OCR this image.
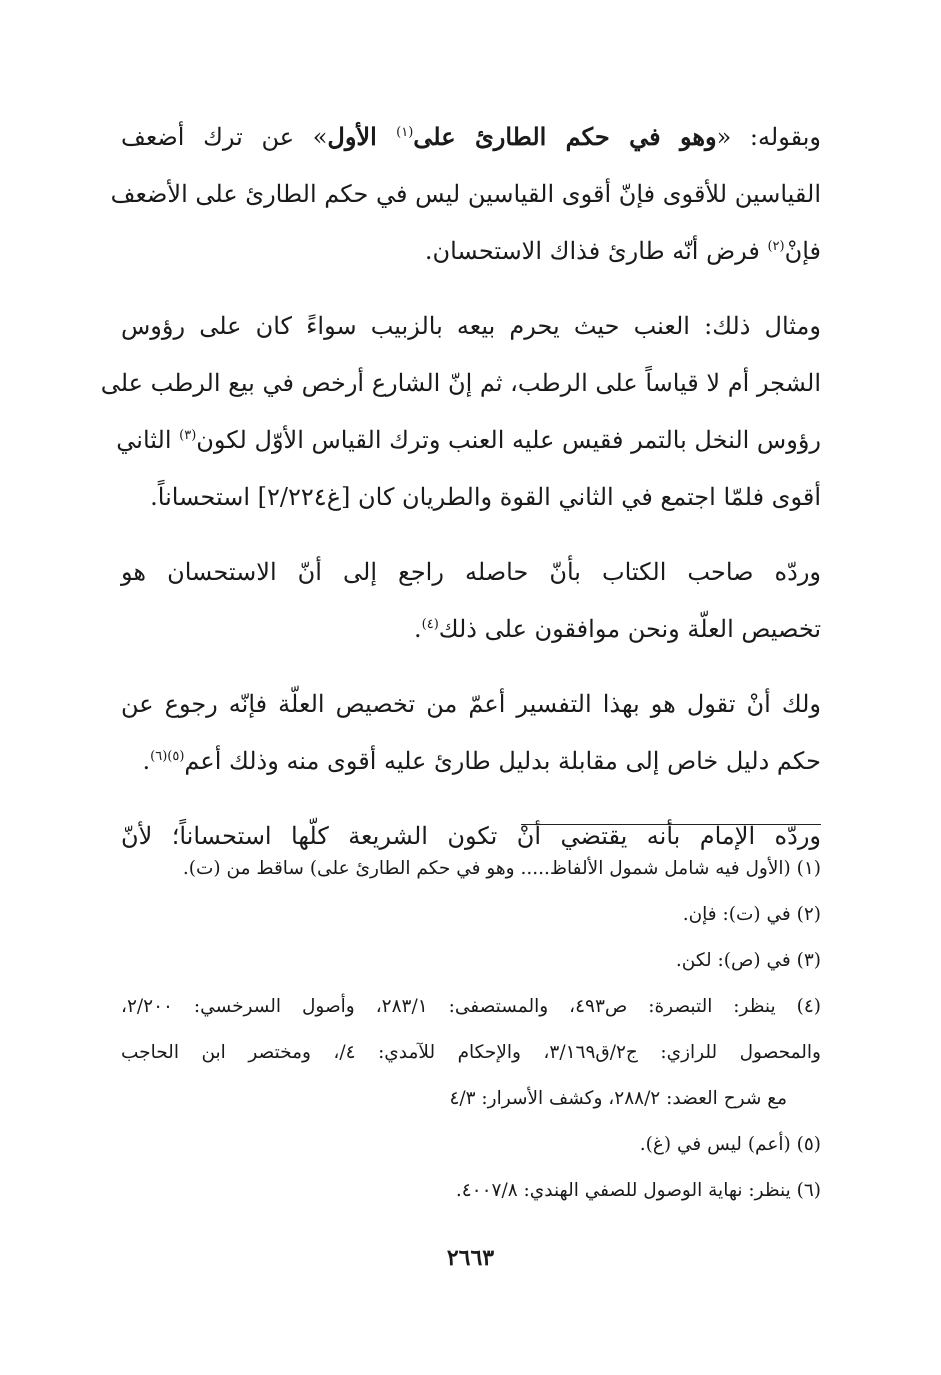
وبقوله: «وهو في حكم الطارئ على$^{(١)}$ الأول» عن ترك أضعف
القياسين للأقوى فإنّ أقوى القياسين ليس في حكم الطارئ على الأضعف
فإنْ$^{(٢)}$ فرض أنّه طارئ فذاك الاستحسان.

ومثال ذلك: العنب حيث يحرم بيعه بالزبيب سواءً كان على رؤوس
الشجر أم لا قياساً على الرطب، ثم إنّ الشارع أرخص في بيع الرطب على
رؤوس النخل بالتمر فقيس عليه العنب وترك القياس الأوّل لكون$^{(٣)}$ الثاني
أقوى فلمّا اجتمع في الثاني القوة والطريان كان [غ٢/٢٢٤] استحساناً.

وردّه صاحب الكتاب بأنّ حاصله راجع إلى أنّ الاستحسان هو
تخصيص العلّة ونحن موافقون على ذلك$^{(٤)}$.

ولك أنْ تقول هو بهذا التفسير أعمّ من تخصيص العلّة فإنّه رجوع عن
حكم دليل خاص إلى مقابلة بدليل طارئ عليه أقوى منه وذلك أعم$^{(٥)(٦)}$.

وردّه الإمام بأنه يقتضي أنْ تكون الشريعة كلّها استحساناً؛ لأنّ

(١) (الأول فيه شامل شمول الألفاظ..... وهو في حكم الطارئ على) ساقط من (ت).

(٢) في (ت): فإن.

(٣) في (ص): لكن.

(٤) ينظر: التبصرة: ص٤٩٣، والمستصفى: ٢٨٣/١، وأصول السرخسي: ٢/٢٠٠،
والمحصول للرازي: ج٢/ق٣/١٦٩، والإحكام للآمدي: ٤/، ومختصر ابن الحاجب
مع شرح العضد: ٢٨٨/٢، وكشف الأسرار: ٤/٣

(٥) (أعم) ليس في (غ).

(٦) ينظر: نهاية الوصول للصفي الهندي: ٤٠٠٧/٨.

٢٦٦٣
